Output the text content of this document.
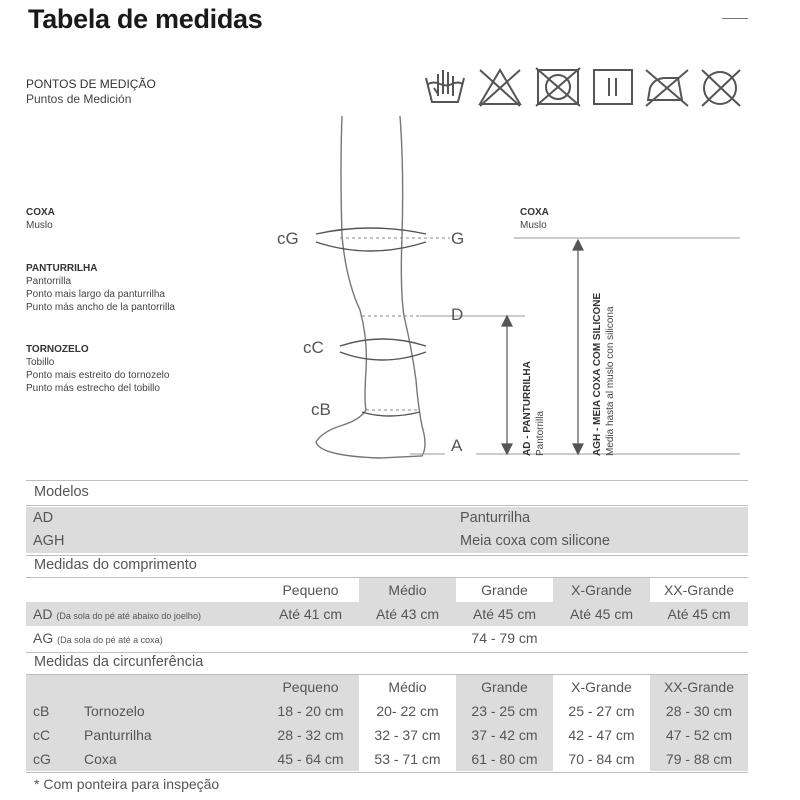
Tabela de medidas
PONTOS DE MEDIÇÃO
Puntos de Medición
COXA
Muslo
PANTURRILHA
Pantorrilla
Ponto mais largo da panturrilha
Punto más ancho de la pantorrilla
TORNOZELO
Tobillo
Ponto mais estreito do tornozelo
Punto más estrecho del tobillo
cG	G
D
cC
cB
A
COXA
Muslo
AD - PANTURRILHA Pantorrilla	AGH - MEIA COXA COM SILICONE Media hasta al muslo con silicona
Modelos
AD	Panturrilha
AGH	Meia coxa com silicone
Medidas do comprimento
	Pequeno	Médio	Grande	X-Grande	XX-Grande
AD (Da sola do pé até abaixo do joelho)	Até 41 cm	Até 43 cm	Até 45 cm	Até 45 cm	Até 45 cm
AG (Da sola do pé até a coxa)			74 - 79 cm		
Medidas da circunferência
		Pequeno	Médio	Grande	X-Grande	XX-Grande
cB	Tornozelo	18 - 20 cm	20- 22 cm	23 - 25 cm	25 - 27 cm	28 - 30 cm
cC	Panturrilha	28 - 32 cm	32 - 37 cm	37 - 42 cm	42 - 47 cm	47 - 52 cm
cG	Coxa	45 - 64 cm	53 - 71 cm	61 - 80 cm	70 - 84 cm	79 - 88 cm
* Com ponteira para inspeção
